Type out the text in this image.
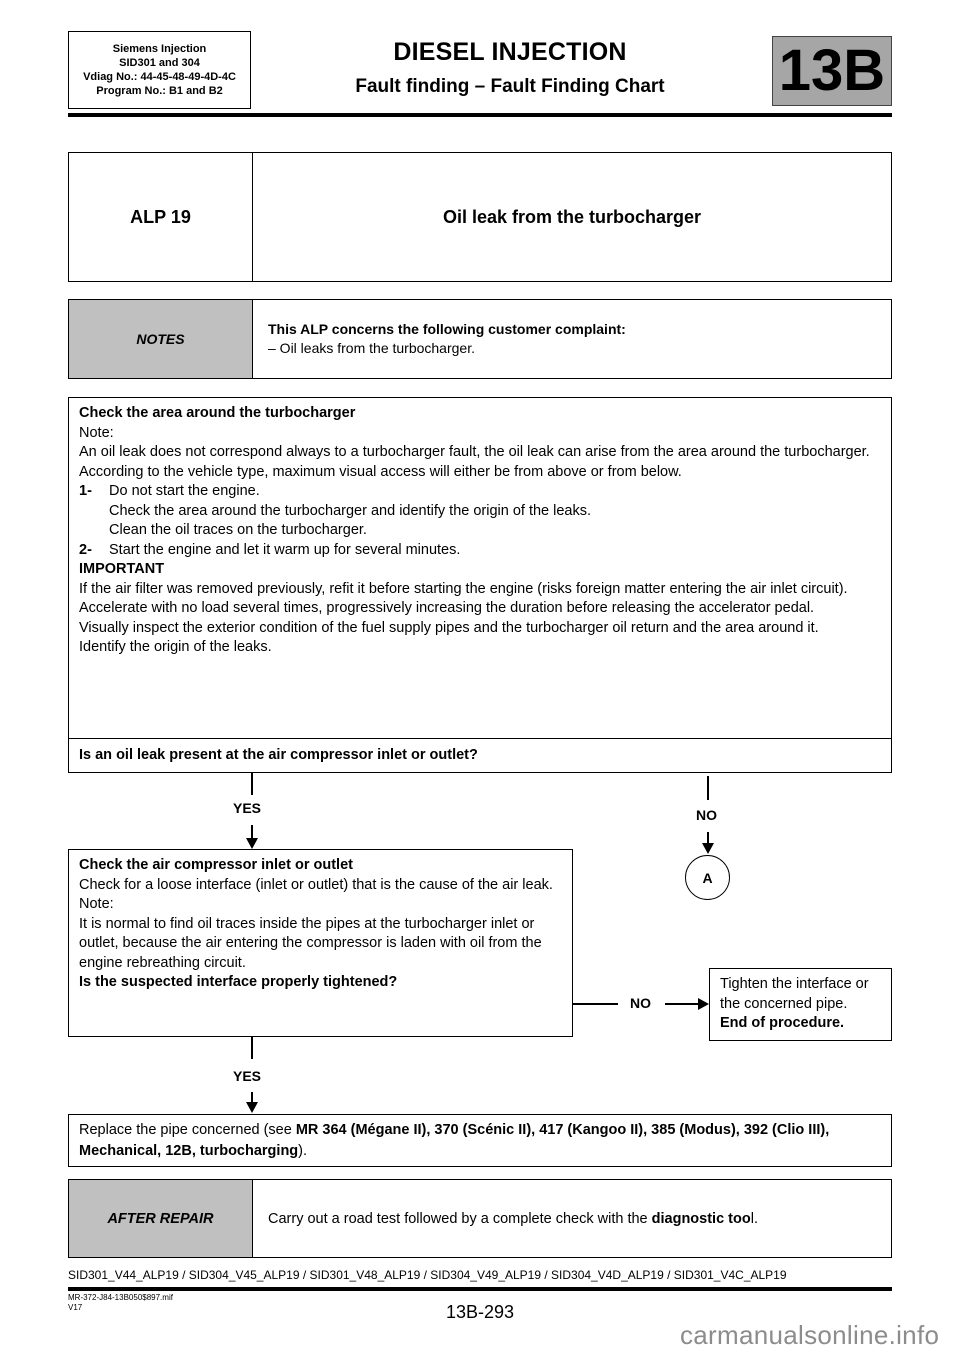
Siemens Injection
SID301 and 304
Vdiag No.: 44-45-48-49-4D-4C
Program No.: B1 and B2
DIESEL INJECTION
Fault finding – Fault Finding Chart	13B
ALP 19	Oil leak from the turbocharger
NOTES
This ALP concerns the following customer complaint:
– Oil leaks from the turbocharger.

Check the area around the turbocharger

Note:

An oil leak does not correspond always to a turbocharger fault, the oil leak can arise from the area around the turbocharger.

According to the vehicle type, maximum visual access will either be from above or from below.

1- Do not start the engine.

Check the area around the turbocharger and identify the origin of the leaks.

Clean the oil traces on the turbocharger.

2- Start the engine and let it warm up for several minutes.

IMPORTANT

If the air filter was removed previously, refit it before starting the engine (risks foreign matter entering the air inlet circuit).

Accelerate with no load several times, progressively increasing the duration before releasing the accelerator pedal.

Visually inspect the exterior condition of the fuel supply pipes and the turbocharger oil return and the area around it.

Identify the origin of the leaks.

Is an oil leak present at the air compressor inlet or outlet?
YES	NO
A

Check the air compressor inlet or outlet

Check for a loose interface (inlet or outlet) that is the cause of the air leak.

Note:

It is normal to find oil traces inside the pipes at the turbocharger inlet or outlet, because the air entering the compressor is laden with oil from the

engine rebreathing circuit.

Is the suspected interface properly tightened?

NO
Tighten the interface or the concerned pipe.
End of procedure.
YES
Replace the pipe concerned (see MR 364 (Mégane II), 370 (Scénic II), 417 (Kangoo II), 385 (Modus), 392 (Clio III), Mechanical, 12B, turbocharging).
AFTER REPAIR	Carry out a road test followed by a complete check with the diagnostic too l.
SID301_V44_ALP19 / SID304_V45_ALP19 / SID301_V48_ALP19 / SID304_V49_ALP19 / SID304_V4D_ALP19 / SID301_V4C_ALP19
MR-372-J84-13B050$897.mif
V17	13B-293
carmanualsonline.info
